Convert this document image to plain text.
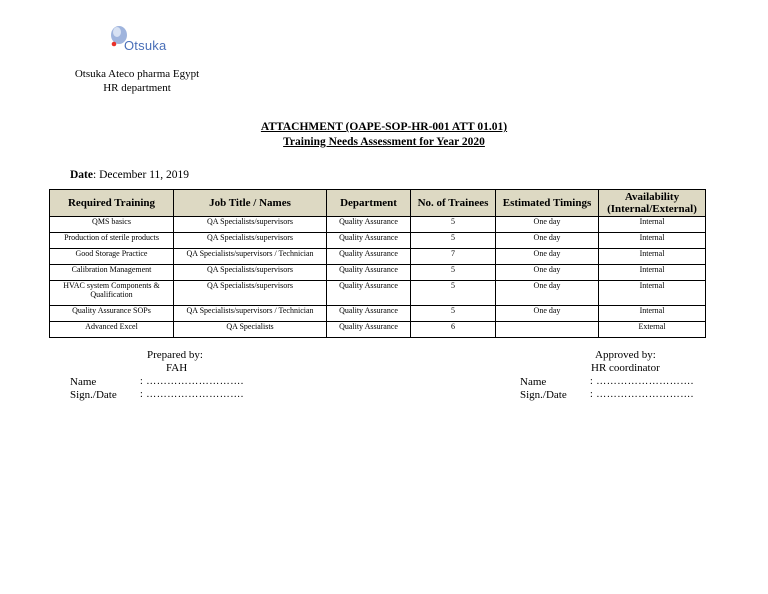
Otsuka
Otsuka Ateco pharma Egypt
HR department
ATTACHMENT (OAPE-SOP-HR-001 ATT 01.01)
Training Needs Assessment for Year 2020
Date: December 11, 2019
Required Training	Job Title / Names	Department	No. of Trainees	Estimated Timings	Availability (Internal/External)
QMS basics	QA Specialists/supervisors	Quality Assurance	5	One day	Internal
Production of sterile products	QA Specialists/supervisors	Quality Assurance	5	One day	Internal
Good Storage Practice	QA Specialists/supervisors / Technician	Quality Assurance	7	One day	Internal
Calibration Management	QA Specialists/supervisors	Quality Assurance	5	One day	Internal
HVAC system Components & Qualification	QA Specialists/supervisors	Quality Assurance	5	One day	Internal
Quality Assurance SOPs	QA Specialists/supervisors / Technician	Quality Assurance	5	One day	Internal
Advanced Excel	QA Specialists	Quality Assurance	6		External
Prepared by:
FAH
Name	: ……………………….
Sign./Date : ……………………….
Approved by:
HR coordinator
Name	: ……………………….
Sign./Date : ……………………….
